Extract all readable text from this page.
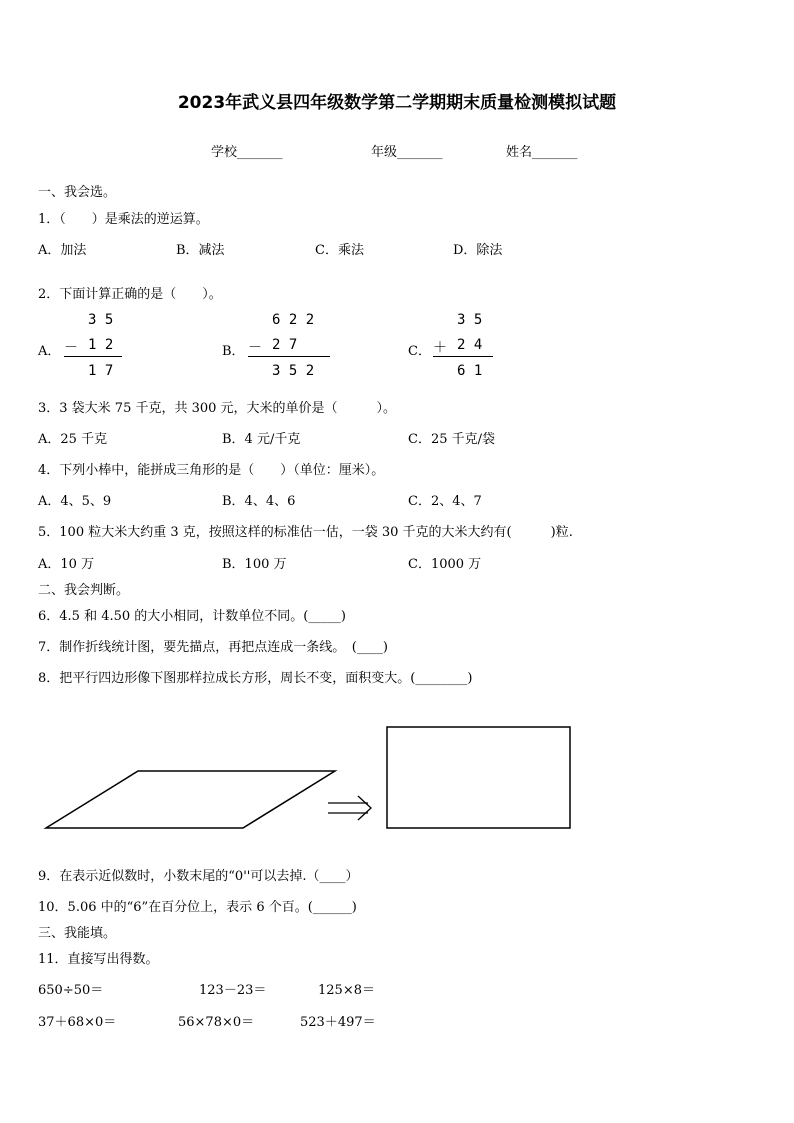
2023年武义县四年级数学第二学期期末质量检测模拟试题
学校_______	年级_______	姓名_______
一、我会选。
1．（　　）是乘法的逆运算。
A．加法	B．减法	C．乘法	D．除法
2．下面计算正确的是（　　）。
A．
3 5
－ 1 2
1 7
B．
6 2 2
－ 2 7
3 5 2
C．
3 5
＋ 2 4
6 1
3．3 袋大米 75 千克，共 300 元，大米的单价是（　　　）。
A．25 千克	B．4 元/千克	C．25 千克/袋
4．下列小棒中，能拼成三角形的是（　　）（单位：厘米）。
A．4、5、9	B．4、4、6	C．2、4、7
5．100 粒大米大约重 3 克，按照这样的标准估一估，一袋 30 千克的大米大约有(　　　)粒.
A．10 万	B．100 万	C．1000 万
二、我会判断。
6．4.5 和 4.50 的大小相同，计数单位不同。(_____)
7．制作折线统计图，要先描点，再把点连成一条线。　(____)
8．把平行四边形像下图那样拉成长方形，周长不变，面积变大。(________)
9．在表示近似数时，小数末尾的“0''可以去掉.（____）
10．5.06 中的“6”在百分位上，表示 6 个百。(______)
三、我能填。
11．直接写出得数。
650÷50＝	123－23＝	125×8＝
37＋68×0＝	56×78×0＝	523＋497＝
